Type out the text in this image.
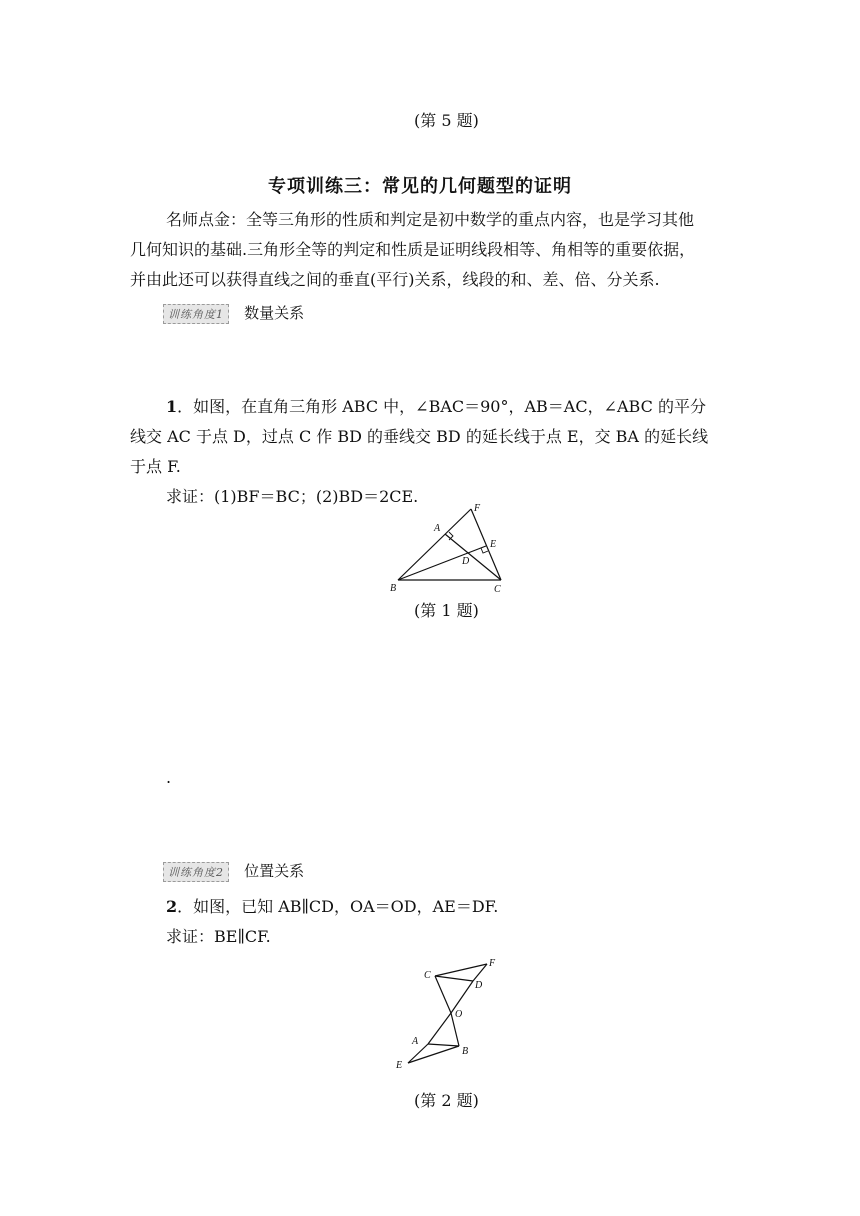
(第 5 题)
专项训练三：常见的几何题型的证明
名师点金：全等三角形的性质和判定是初中数学的重点内容，也是学习其他
几何知识的基础.三角形全等的判定和性质是证明线段相等、角相等的重要依据，
并由此还可以获得直线之间的垂直(平行)关系，线段的和、差、倍、分关系.
训练角度1 数量关系
1．如图，在直角三角形 ABC 中，∠BAC＝90°，AB＝AC，∠ABC 的平分
线交 AC 于点 D，过点 C 作 BD 的垂线交 BD 的延长线于点 E，交 BA 的延长线
于点 F.
求证：(1)BF＝BC；(2)BD＝2CE.
A
F
E
D
B	C
(第 1 题)
.
训练角度2 位置关系
2．如图，已知 AB∥CD，OA＝OD，AE＝DF.
求证：BE∥CF.
C
F
D
O
A
B
E
(第 2 题)
